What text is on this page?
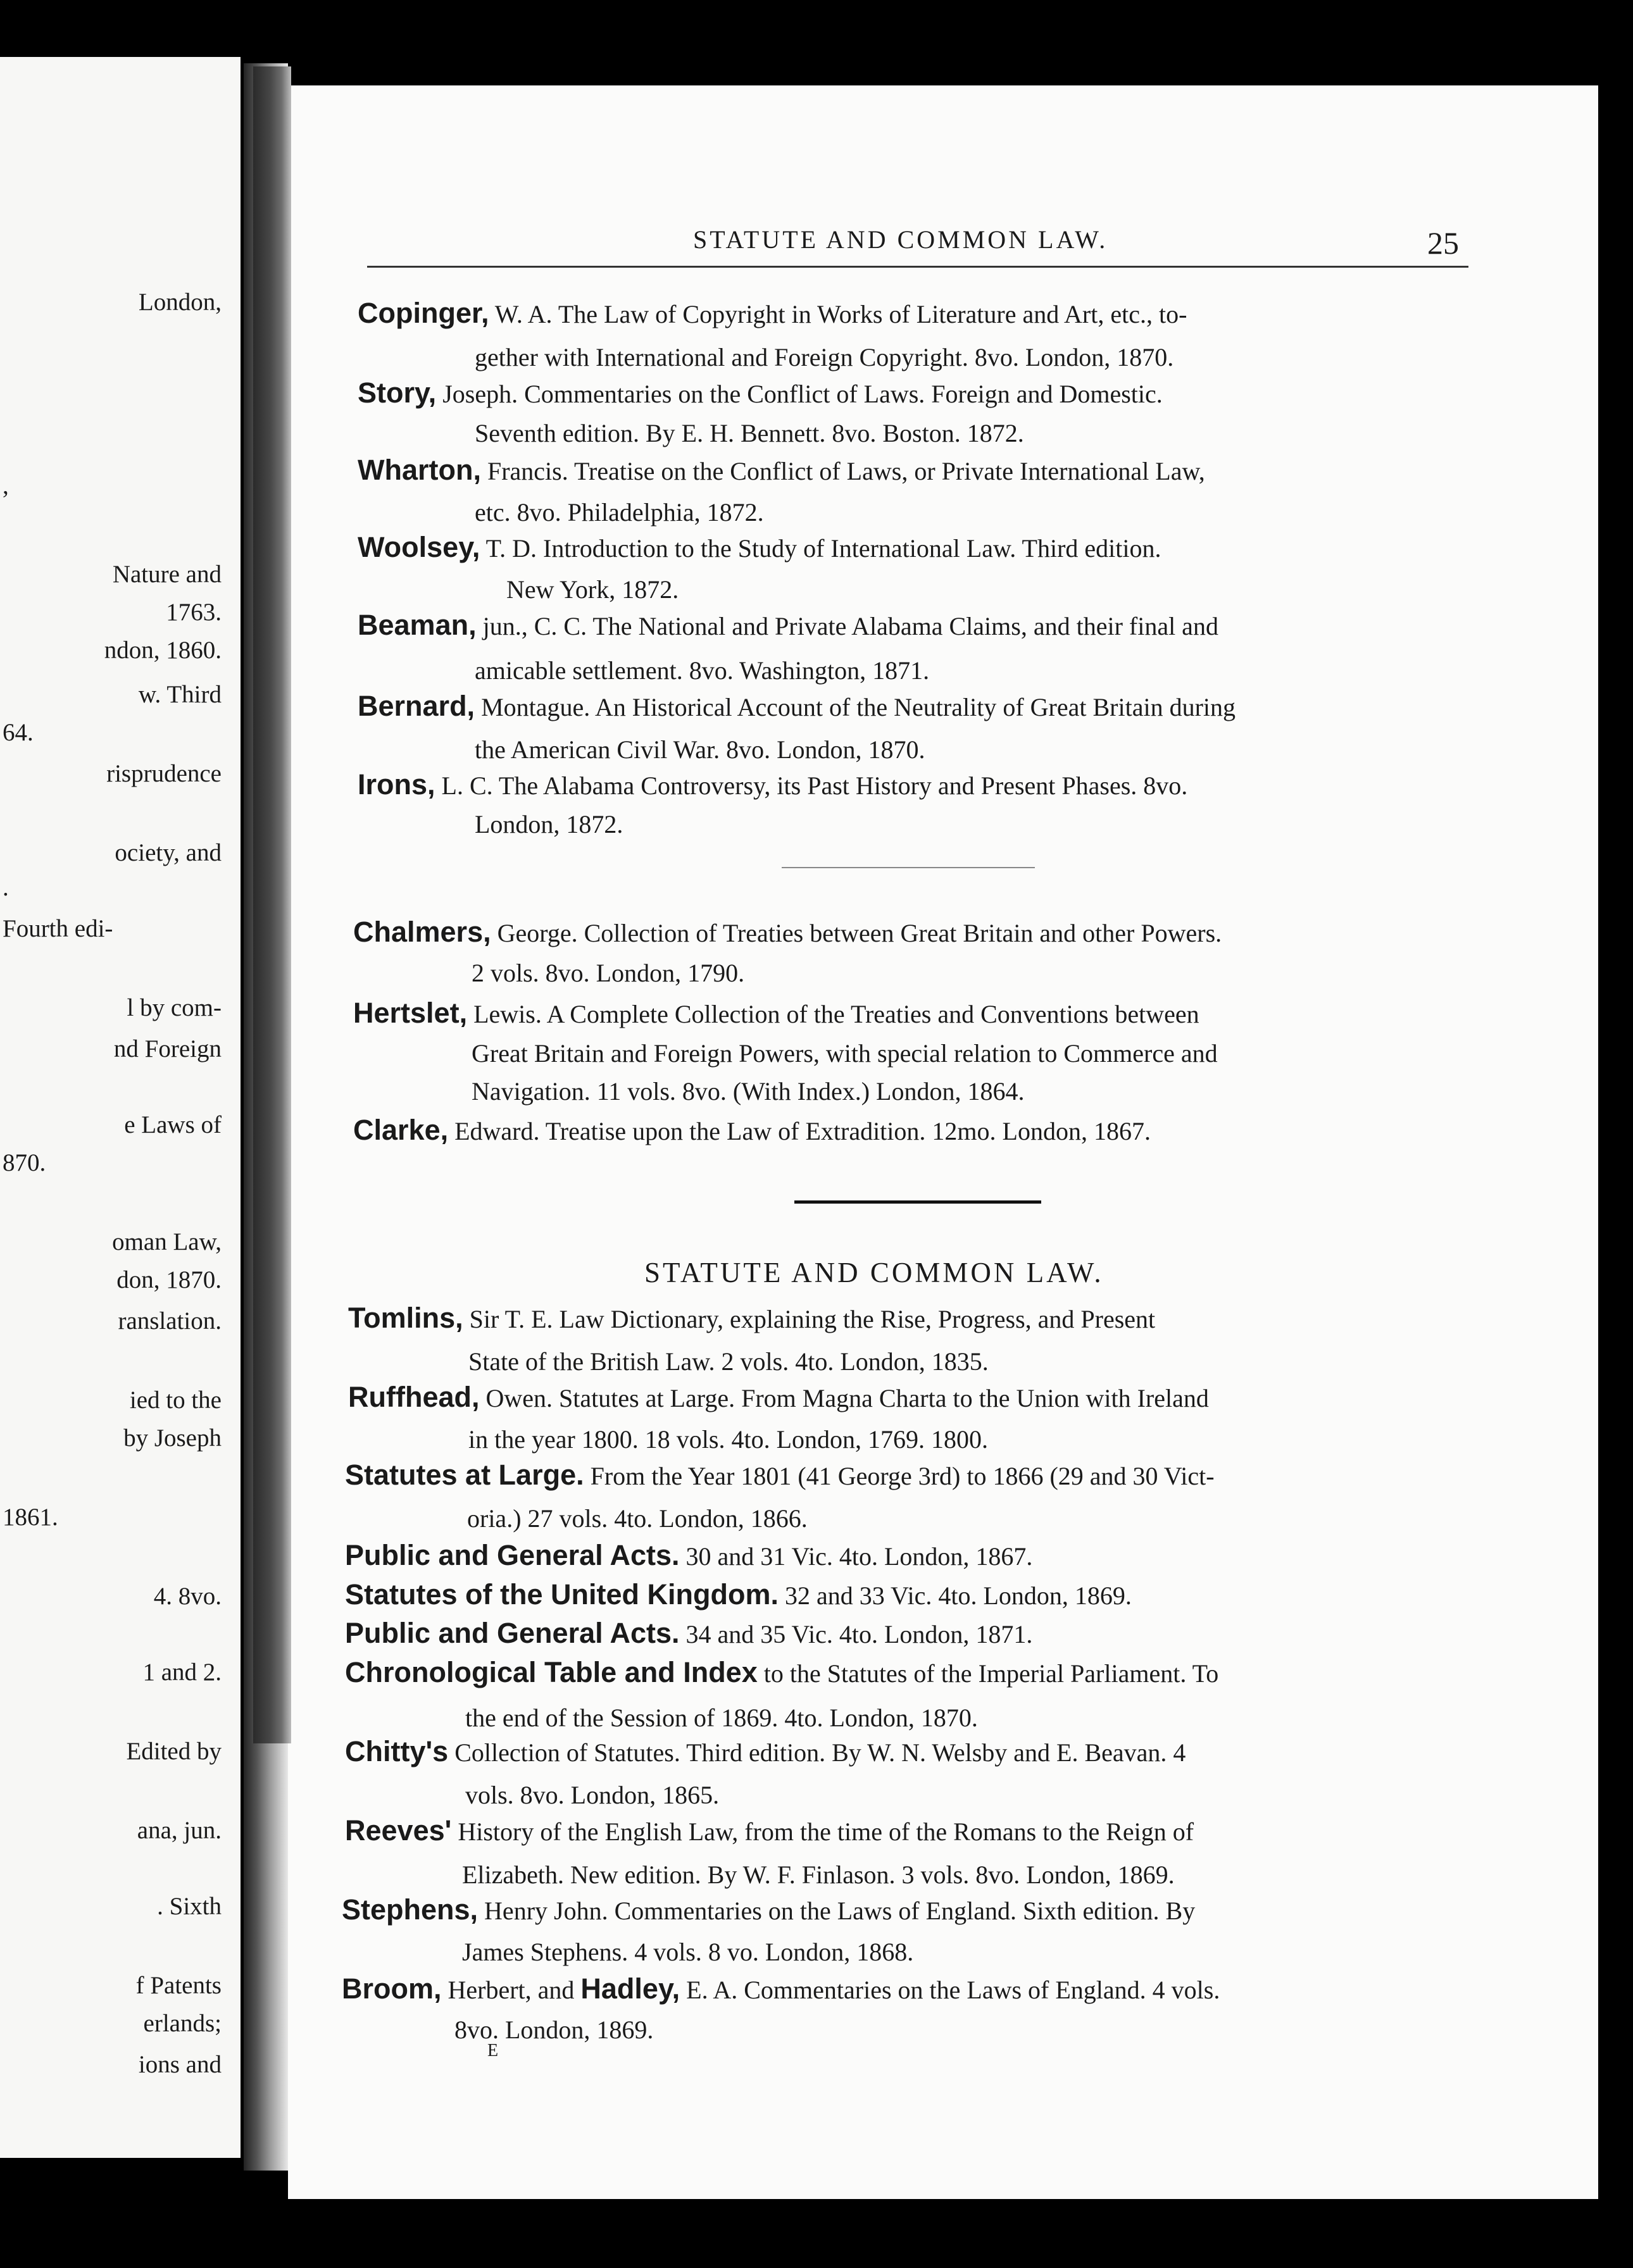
London,
,
Nature and
1763.
ndon, 1860.
w. Third
64.
risprudence
ociety, and
.
Fourth edi-
l by com-
nd Foreign
e Laws of
870.
oman Law,
don, 1870.
ranslation.
ied to the
by Joseph
1861.
4. 8vo.
1 and 2.
Edited by
ana, jun.
. Sixth
f Patents
erlands;
ions and
STATUTE AND COMMON LAW.	25
Copinger, W. A. The Law of Copyright in Works of Literature and Art, etc., to-
gether with International and Foreign Copyright. 8vo. London, 1870.
Story, Joseph. Commentaries on the Conflict of Laws. Foreign and Domestic.
Seventh edition. By E. H. Bennett. 8vo. Boston. 1872.
Wharton, Francis. Treatise on the Conflict of Laws, or Private International Law,
etc. 8vo. Philadelphia, 1872.
Woolsey, T. D. Introduction to the Study of International Law. Third edition.
New York, 1872.
Beaman, jun., C. C. The National and Private Alabama Claims, and their final and
amicable settlement. 8vo. Washington, 1871.
Bernard, Montague. An Historical Account of the Neutrality of Great Britain during
the American Civil War. 8vo. London, 1870.
Irons, L. C. The Alabama Controversy, its Past History and Present Phases. 8vo.
London, 1872.
Chalmers, George. Collection of Treaties between Great Britain and other Powers.
2 vols. 8vo. London, 1790.
Hertslet, Lewis. A Complete Collection of the Treaties and Conventions between
Great Britain and Foreign Powers, with special relation to Commerce and
Navigation. 11 vols. 8vo. (With Index.) London, 1864.
Clarke, Edward. Treatise upon the Law of Extradition. 12mo. London, 1867.
STATUTE AND COMMON LAW.
Tomlins, Sir T. E. Law Dictionary, explaining the Rise, Progress, and Present
State of the British Law. 2 vols. 4to. London, 1835.
Ruffhead, Owen. Statutes at Large. From Magna Charta to the Union with Ireland
in the year 1800. 18 vols. 4to. London, 1769. 1800.
Statutes at Large. From the Year 1801 (41 George 3rd) to 1866 (29 and 30 Vict-
oria.) 27 vols. 4to. London, 1866.
Public and General Acts. 30 and 31 Vic. 4to. London, 1867.
Statutes of the United Kingdom. 32 and 33 Vic. 4to. London, 1869.
Public and General Acts. 34 and 35 Vic. 4to. London, 1871.
Chronological Table and Index to the Statutes of the Imperial Parliament. To
the end of the Session of 1869. 4to. London, 1870.
Chitty's Collection of Statutes. Third edition. By W. N. Welsby and E. Beavan. 4
vols. 8vo. London, 1865.
Reeves' History of the English Law, from the time of the Romans to the Reign of
Elizabeth. New edition. By W. F. Finlason. 3 vols. 8vo. London, 1869.
Stephens, Henry John. Commentaries on the Laws of England. Sixth edition. By
James Stephens. 4 vols. 8 vo. London, 1868.
Broom, Herbert, and Hadley, E. A. Commentaries on the Laws of England. 4 vols.
8vo. London, 1869.
E
